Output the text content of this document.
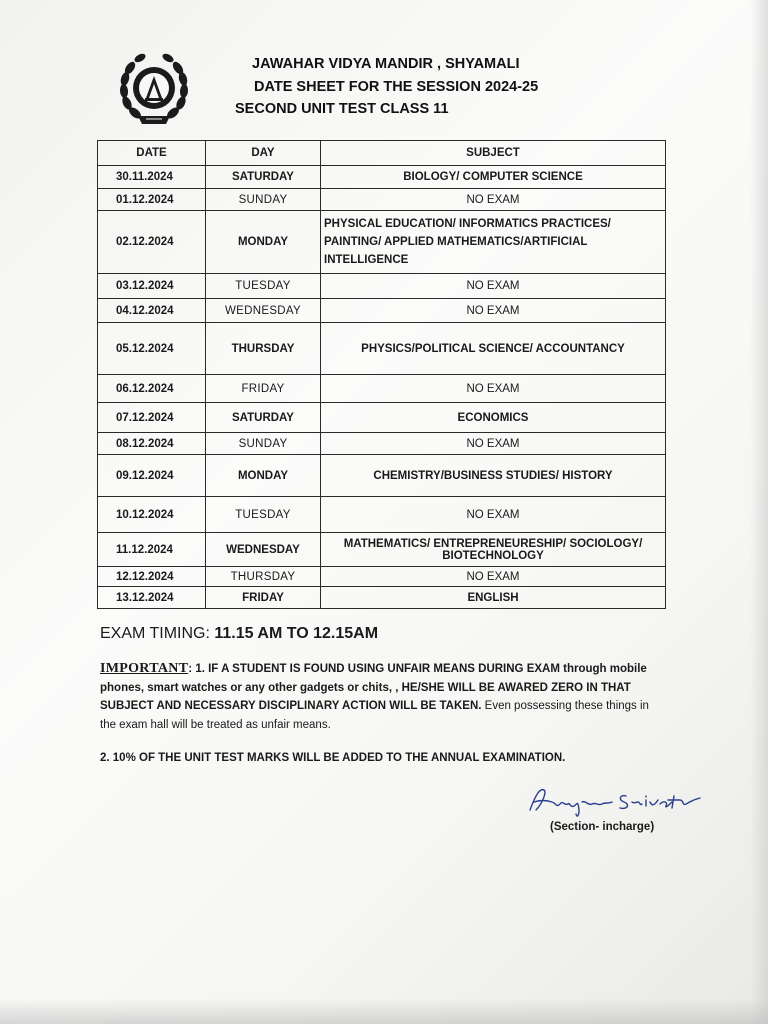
JAWAHAR VIDYA MANDIR , SHYAMALI
DATE SHEET FOR THE SESSION 2024-25
SECOND UNIT TEST CLASS 11
DATE	DAY	SUBJECT
30.11.2024	SATURDAY	BIOLOGY/ COMPUTER SCIENCE
01.12.2024	SUNDAY	NO EXAM
02.12.2024	MONDAY	PHYSICAL EDUCATION/ INFORMATICS PRACTICES/ PAINTING/ APPLIED MATHEMATICS/ARTIFICIAL INTELLIGENCE
03.12.2024	TUESDAY	NO EXAM
04.12.2024	WEDNESDAY	NO EXAM
05.12.2024	THURSDAY	PHYSICS/POLITICAL SCIENCE/ ACCOUNTANCY
06.12.2024	FRIDAY	NO EXAM
07.12.2024	SATURDAY	ECONOMICS
08.12.2024	SUNDAY	NO EXAM
09.12.2024	MONDAY	CHEMISTRY/BUSINESS STUDIES/ HISTORY
10.12.2024	TUESDAY	NO EXAM
11.12.2024	WEDNESDAY	MATHEMATICS/ ENTREPRENEURESHIP/ SOCIOLOGY/ BIOTECHNOLOGY
12.12.2024	THURSDAY	NO EXAM
13.12.2024	FRIDAY	ENGLISH
EXAM TIMING: 11.15 AM TO 12.15AM
IMPORTANT: 1. IF A STUDENT IS FOUND USING UNFAIR MEANS DURING EXAM through mobile phones, smart watches or any other gadgets or chits, , HE/SHE WILL BE AWARED ZERO IN THAT SUBJECT AND NECESSARY DISCIPLINARY ACTION WILL BE TAKEN. Even possessing these things in the exam hall will be treated as unfair means.
2. 10% OF THE UNIT TEST MARKS WILL BE ADDED TO THE ANNUAL EXAMINATION.
(Section- incharge)
